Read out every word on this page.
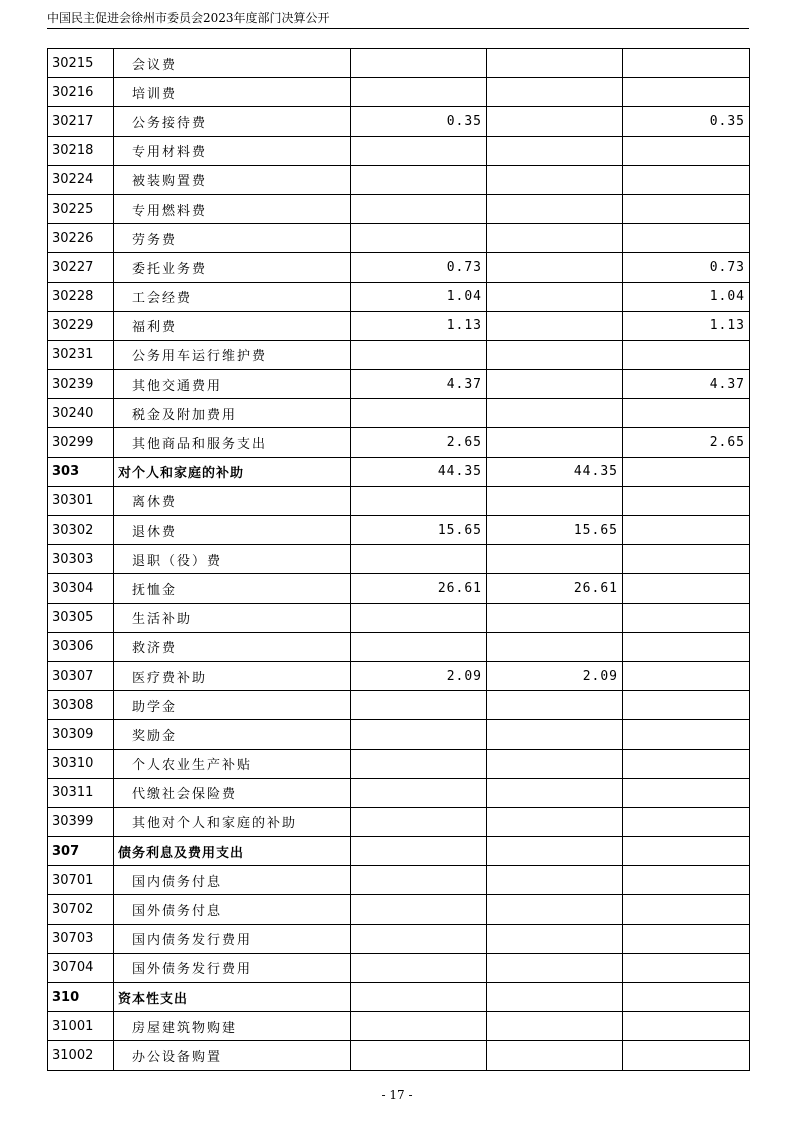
中国民主促进会徐州市委员会2023年度部门决算公开
30215	会议费			
30216	培训费			
30217	公务接待费	0.35		0.35
30218	专用材料费			
30224	被装购置费			
30225	专用燃料费			
30226	劳务费			
30227	委托业务费	0.73		0.73
30228	工会经费	1.04		1.04
30229	福利费	1.13		1.13
30231	公务用车运行维护费			
30239	其他交通费用	4.37		4.37
30240	税金及附加费用			
30299	其他商品和服务支出	2.65		2.65
303	对个人和家庭的补助	44.35	44.35	
30301	离休费			
30302	退休费	15.65	15.65	
30303	退职（役）费			
30304	抚恤金	26.61	26.61	
30305	生活补助			
30306	救济费			
30307	医疗费补助	2.09	2.09	
30308	助学金			
30309	奖励金			
30310	个人农业生产补贴			
30311	代缴社会保险费			
30399	其他对个人和家庭的补助			
307	债务利息及费用支出			
30701	国内债务付息			
30702	国外债务付息			
30703	国内债务发行费用			
30704	国外债务发行费用			
310	资本性支出			
31001	房屋建筑物购建			
31002	办公设备购置			
- 17 -
